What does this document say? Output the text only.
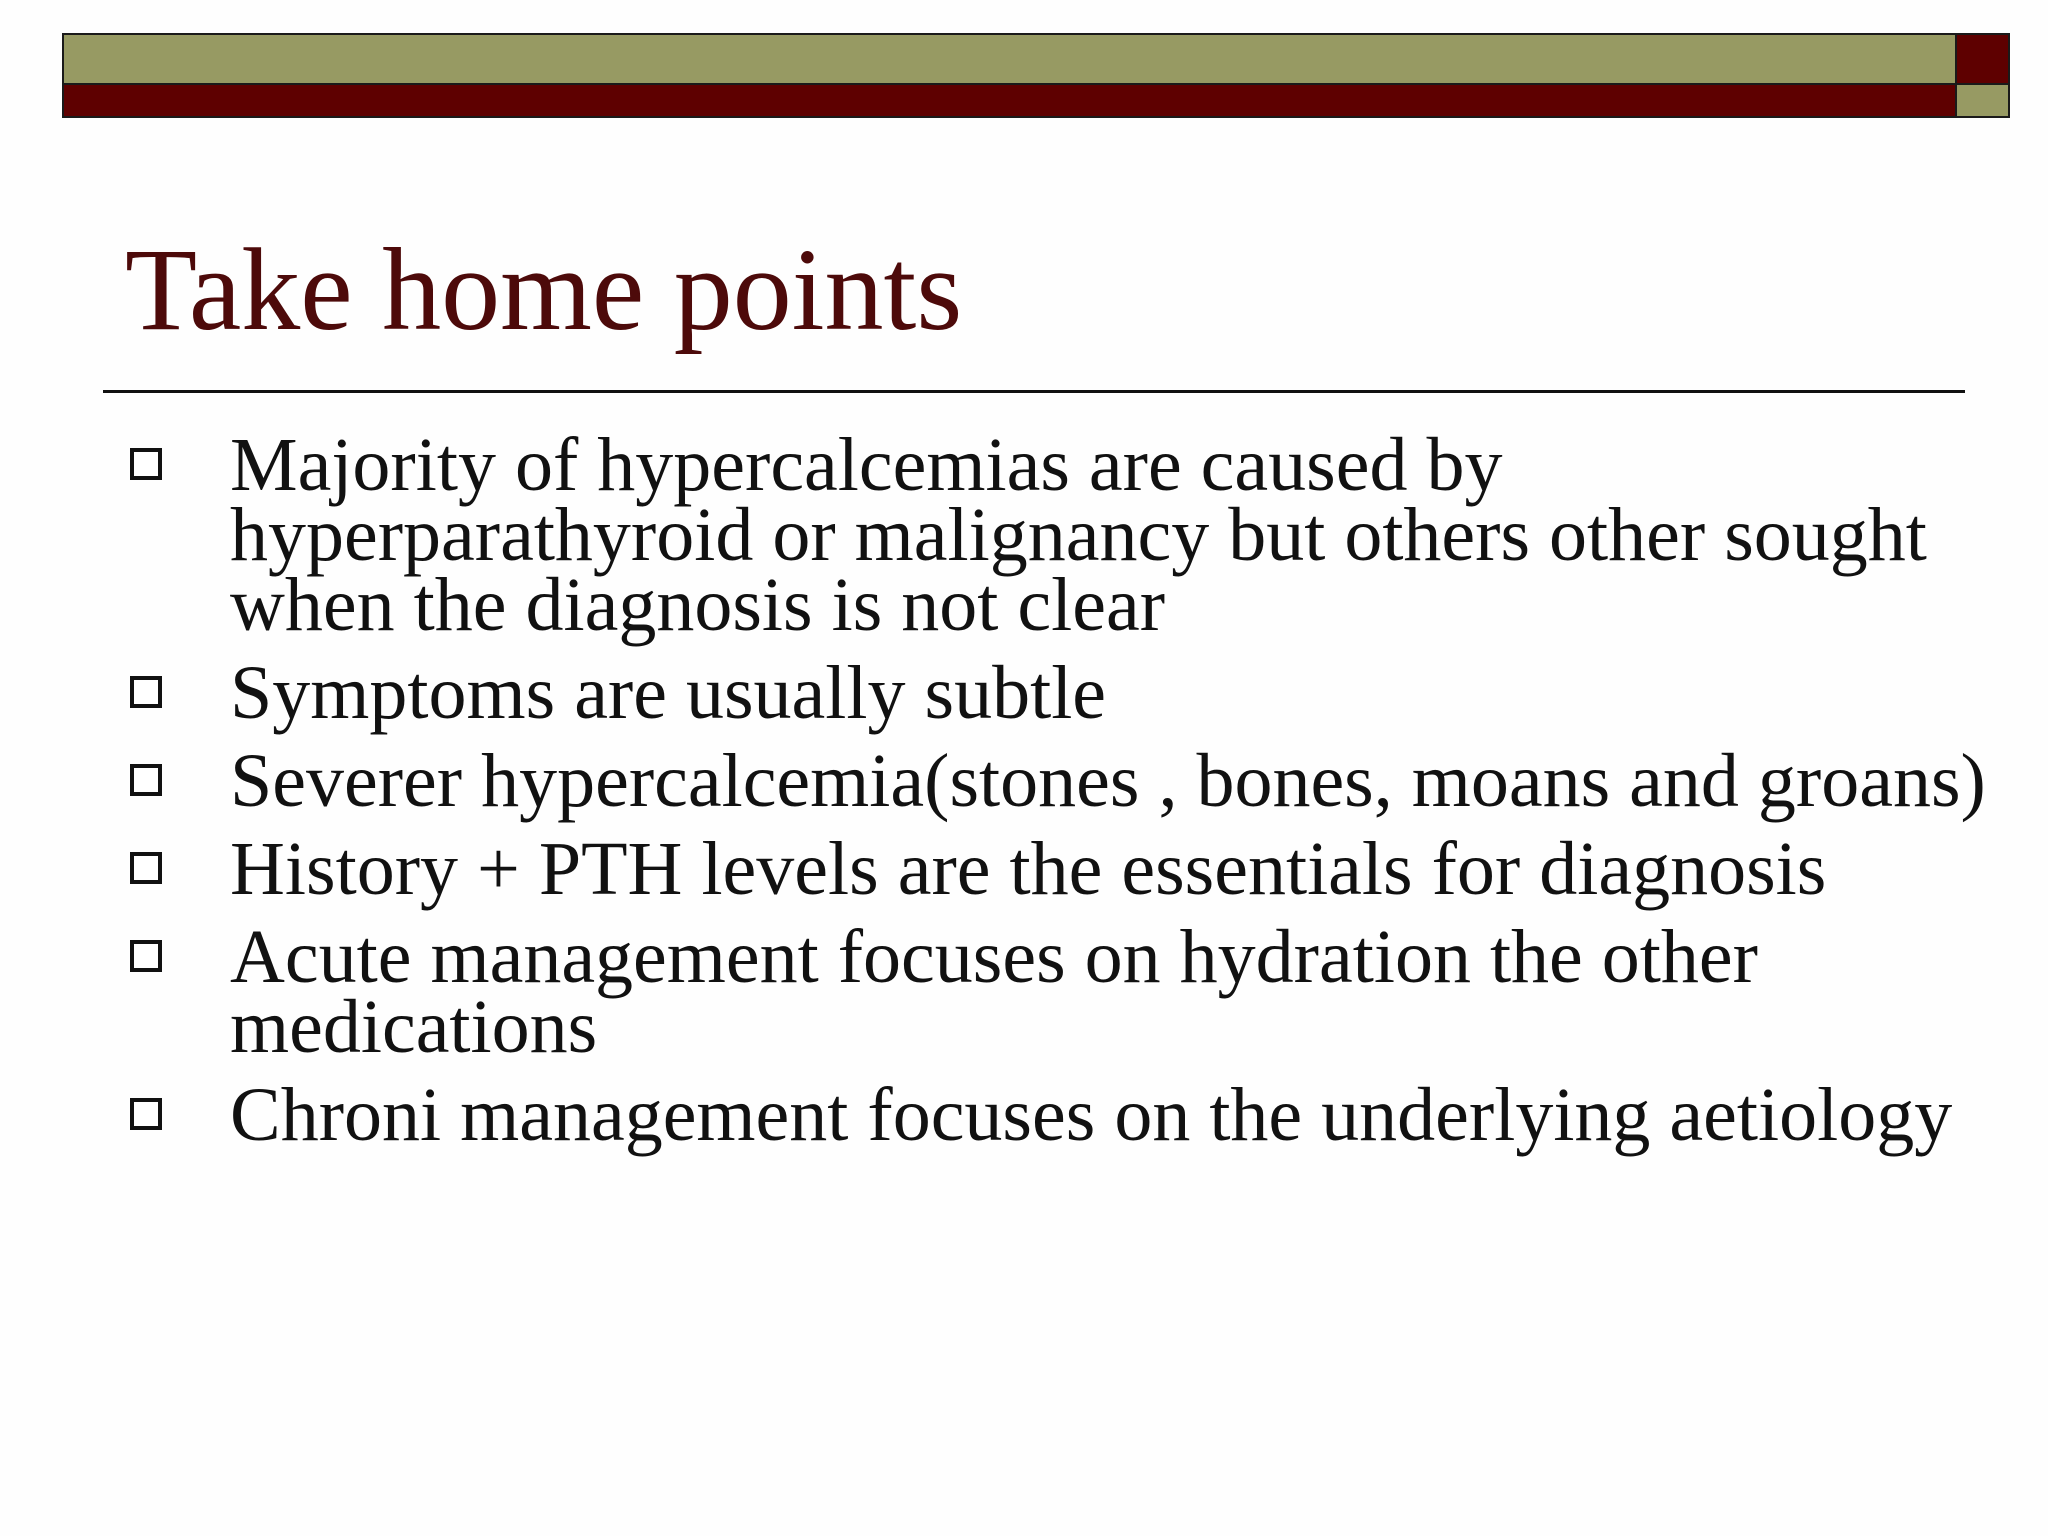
Take home points
Majority of hypercalcemias are caused by hyperparathyroid or malignancy but others other sought when the diagnosis is not clear
Symptoms are usually subtle
Severer hypercalcemia(stones , bones, moans and groans)
History + PTH levels are the essentials for diagnosis
Acute management focuses on hydration the other medications
Chroni management focuses on the underlying aetiology
